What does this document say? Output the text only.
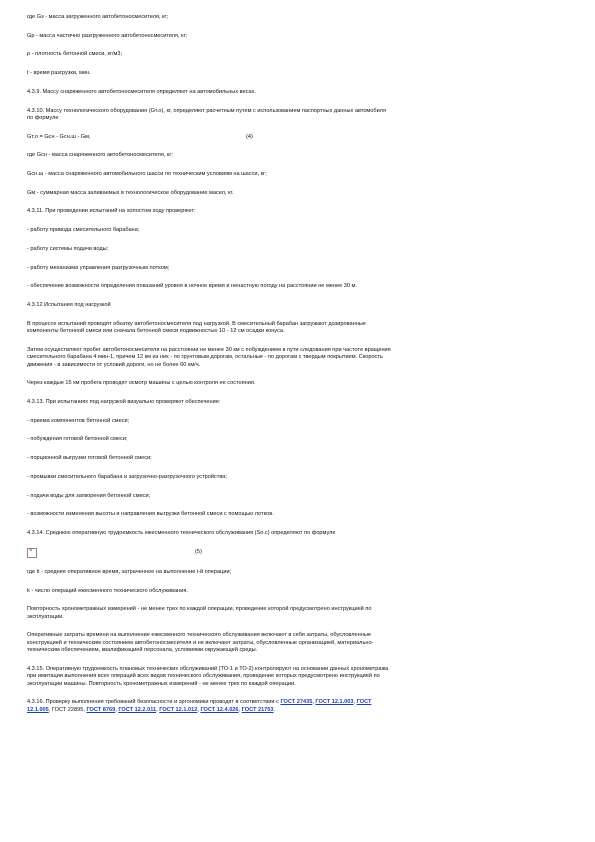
где Gз - масса загруженного автобетоносмесителя, кг;

Gр - масса частично разгруженного автобетоносмесителя, кг;

ρ - плотность бетонной смеси, кг/м3;

t - время разгрузки, мин.

4.3.9. Массу снаряженного автобетоносмесителя определяют на автомобильных весах.

4.3.10. Массу технологического оборудования (Gт.о), кг, определяют расчетным путем с использованием паспортных данных автомобиля
по формуле

Gт.о = Gсн - Gсн.ш - Gм,	(4)

где Gсн - масса снаряженного автобетоносмесителя, кг;

Gсн.ш - масса снаряженного автомобильного шасси по техническим условиям на шасси, кг;

Gм - суммарная масса заливаемых в технологическое оборудование масел, кг.

4.3.11. При проведении испытаний на холостом ходу проверяют:

- работу привода смесительного барабана;

- работу системы подачи воды;

- работу механизма управления разгрузочным лотком;

- обеспечение возможности определения показаний уровня в ночное время и ненастную погоду на расстоянии не менее 30 м.

4.3.12 Испытания под нагрузкой

В процессе испытаний проводят обкатку автобетоносмесителя под нагрузкой. В смесительный барабан загружают дозированные
компоненты бетонной смеси или сначала бетонной смеси подвижностью 10 - 12 см осадки конуса.

Затем осуществляют пробег автобетоносмесителя на расстоянии не менее 30 км с побуждением в пути следования при частоте вращения
смесительного барабана 4 мин-1, причем 12 км из них - по грунтовым дорогам, остальные - по дорогам с твердым покрытием. Скорость
движения - в зависимости от условий дороги, но не более 60 км/ч.

Через каждые 15 км пробега проводят осмотр машины с целью контроля ее состояния.

4.3.13. При испытаниях под нагрузкой визуально проверяют обеспечение:

- приема компонентов бетонной смеси;

- побуждения готовой бетонной смеси;

- порционной выгрузки готовой бетонной смеси;

- промывки смесительного барабана и загрузочно-разгрузочного устройства;

- подачи воды для затворения бетонной смеси;

- возможности изменения высоты и направления выгрузки бетонной смеси с помощью лотков.

4.3.14. Среднюю оперативную трудоемкость ежесменного технического обслуживания (Sо.с) определяют по формуле

×	(5)

где ti - среднее оперативное время, затраченное на выполнение i-й операции;

k - число операций ежесменного технического обслуживания.

Повторность хронометражных измерений - не менее трех по каждой операции, проведение которой предусмотрено инструкцией по
эксплуатации.

Оперативные затраты времени на выполнение ежесменного технического обслуживания включают в себя затраты, обусловленные
конструкцией и техническим состоянием автобетоносмесителя и не включают затраты, обусловленные организацией, материально-
техническим обеспечением, квалификацией персонала, условиями окружающей среды.

4.3.15. Оперативную трудоемкость плановых технических обслуживаний (ТО-1 и ТО-2) контролируют на основании данных хронометража
при имитации выполнения всех операций всех видов технического обслуживания, проведение которых предусмотрено инструкцией по
эксплуатации машины. Повторность хронометражных измерений - не менее трех по каждой операции.

4.3.16. Проверку выполнения требований безопасности и эргономики проводят в соответствии с ГОСТ 27435, ГОСТ 12.1.003, ГОСТ
12.1.005, ГОСТ 22895, ГОСТ 8769, ГОСТ 12.2.011, ГОСТ 12.1.012, ГОСТ 12.4.026, ГОСТ 21753.
